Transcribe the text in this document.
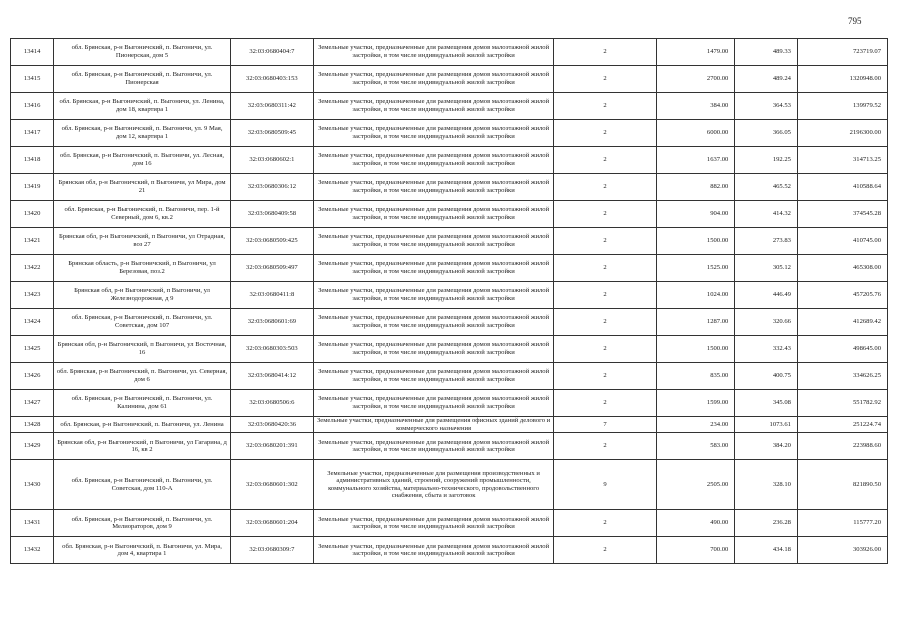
795
13414	обл. Брянская, р-н Выгоничский, п. Выгоничи, ул. Пионерская, дом 5	32:03:0680404:7	Земельные участки, предназначенные для размещения домов малоэтажной жилой застройки, в том числе индивидуальной жилой застройки	2	1479.00	489.33	723719.07
13415	обл. Брянская, р-н Выгоничский, п. Выгоничи, ул. Пионерская	32:03:0680403:153	Земельные участки, предназначенные для размещения домов малоэтажной жилой застройки, в том числе индивидуальной жилой застройки	2	2700.00	489.24	1320948.00
13416	обл. Брянская, р-н Выгоничский, п. Выгоничи, ул. Ленина, дом 18, квартира 1	32:03:0680311:42	Земельные участки, предназначенные для размещения домов малоэтажной жилой застройки, в том числе индивидуальной жилой застройки	2	384.00	364.53	139979.52
13417	обл. Брянская, р-н Выгоничский, п. Выгоничи, ул. 9 Мая, дом 12, квартира 1	32:03:0680509:45	Земельные участки, предназначенные для размещения домов малоэтажной жилой застройки, в том числе индивидуальной жилой застройки	2	6000.00	366.05	2196300.00
13418	обл. Брянская, р-н Выгоничский, п. Выгоничи, ул. Лесная, дом 16	32:03:0680602:1	Земельные участки, предназначенные для размещения домов малоэтажной жилой застройки, в том числе индивидуальной жилой застройки	2	1637.00	192.25	314713.25
13419	Брянская обл, р-н Выгоничский, п Выгоничи, ул Мира, дом 21	32:03:0680306:12	Земельные участки, предназначенные для размещения домов малоэтажной жилой застройки, в том числе индивидуальной жилой застройки	2	882.00	465.52	410588.64
13420	обл. Брянская, р-н Выгоничский, п. Выгоничи, пер. 1-й Северный, дом 6, кв.2	32:03:0680409:58	Земельные участки, предназначенные для размещения домов малоэтажной жилой застройки, в том числе индивидуальной жилой застройки	2	904.00	414.32	374545.28
13421	Брянская обл, р-н Выгоничский, п Выгоничи, ул Отрадная, воз 27	32:03:0680509:425	Земельные участки, предназначенные для размещения домов малоэтажной жилой застройки, в том числе индивидуальной жилой застройки	2	1500.00	273.83	410745.00
13422	Брянская область, р-н Выгоничский, п Выгоничи, ул Березовая, поз.2	32:03:0680509:497	Земельные участки, предназначенные для размещения домов малоэтажной жилой застройки, в том числе индивидуальной жилой застройки	2	1525.00	305.12	465308.00
13423	Брянская обл, р-н Выгоничский, п Выгоничи, ул Железнодорожная, д 9	32:03:0680411:8	Земельные участки, предназначенные для размещения домов малоэтажной жилой застройки, в том числе индивидуальной жилой застройки	2	1024.00	446.49	457205.76
13424	обл. Брянская, р-н Выгоничский, п. Выгоничи, ул. Советская, дом 107	32:03:0680601:69	Земельные участки, предназначенные для размещения домов малоэтажной жилой застройки, в том числе индивидуальной жилой застройки	2	1287.00	320.66	412689.42
13425	Брянская обл, р-н Выгоничский, п Выгоничи, ул Восточная, 16	32:03:0680303:503	Земельные участки, предназначенные для размещения домов малоэтажной жилой застройки, в том числе индивидуальной жилой застройки	2	1500.00	332.43	498645.00
13426	обл. Брянская, р-н Выгоничский, п. Выгоничи, ул. Северная, дом 6	32:03:0680414:12	Земельные участки, предназначенные для размещения домов малоэтажной жилой застройки, в том числе индивидуальной жилой застройки	2	835.00	400.75	334626.25
13427	обл. Брянская, р-н Выгоничский, п. Выгоничи, ул. Калинина, дом 61	32:03:0680506:6	Земельные участки, предназначенные для размещения домов малоэтажной жилой застройки, в том числе индивидуальной жилой застройки	2	1599.00	345.08	551782.92
13428	обл. Брянская, р-н Выгоничский, п. Выгоничи, ул. Ленина	32:03:0680420:36	Земельные участки, предназначенные для размещения офисных зданий делового и коммерческого назначения	7	234.00	1073.61	251224.74
13429	Брянская обл, р-н Выгоничский, п Выгоничи, ул Гагарина, д 16, кв 2	32:03:0680201:391	Земельные участки, предназначенные для размещения домов малоэтажной жилой застройки, в том числе индивидуальной жилой застройки	2	583.00	384.20	223988.60
13430	обл. Брянская, р-н Выгоничский, п. Выгоничи, ул. Советская, дом 110-А	32:03:0680601:302	Земельные участки, предназначенные для размещения производственных и административных зданий, строений, сооружений промышленности, коммунального хозяйства, материально-технического, продовольственного снабжения, сбыта и заготовок	9	2505.00	328.10	821890.50
13431	обл. Брянская, р-н Выгоничский, п. Выгоничи, ул. Мелиораторов, дом 9	32:03:0680601:204	Земельные участки, предназначенные для размещения домов малоэтажной жилой застройки, в том числе индивидуальной жилой застройки	2	490.00	236.28	115777.20
13432	обл. Брянская, р-н Выгоничский, п. Выгоничи, ул. Мира, дом 4, квартира 1	32:03:0680309:7	Земельные участки, предназначенные для размещения домов малоэтажной жилой застройки, в том числе индивидуальной жилой застройки	2	700.00	434.18	303926.00
